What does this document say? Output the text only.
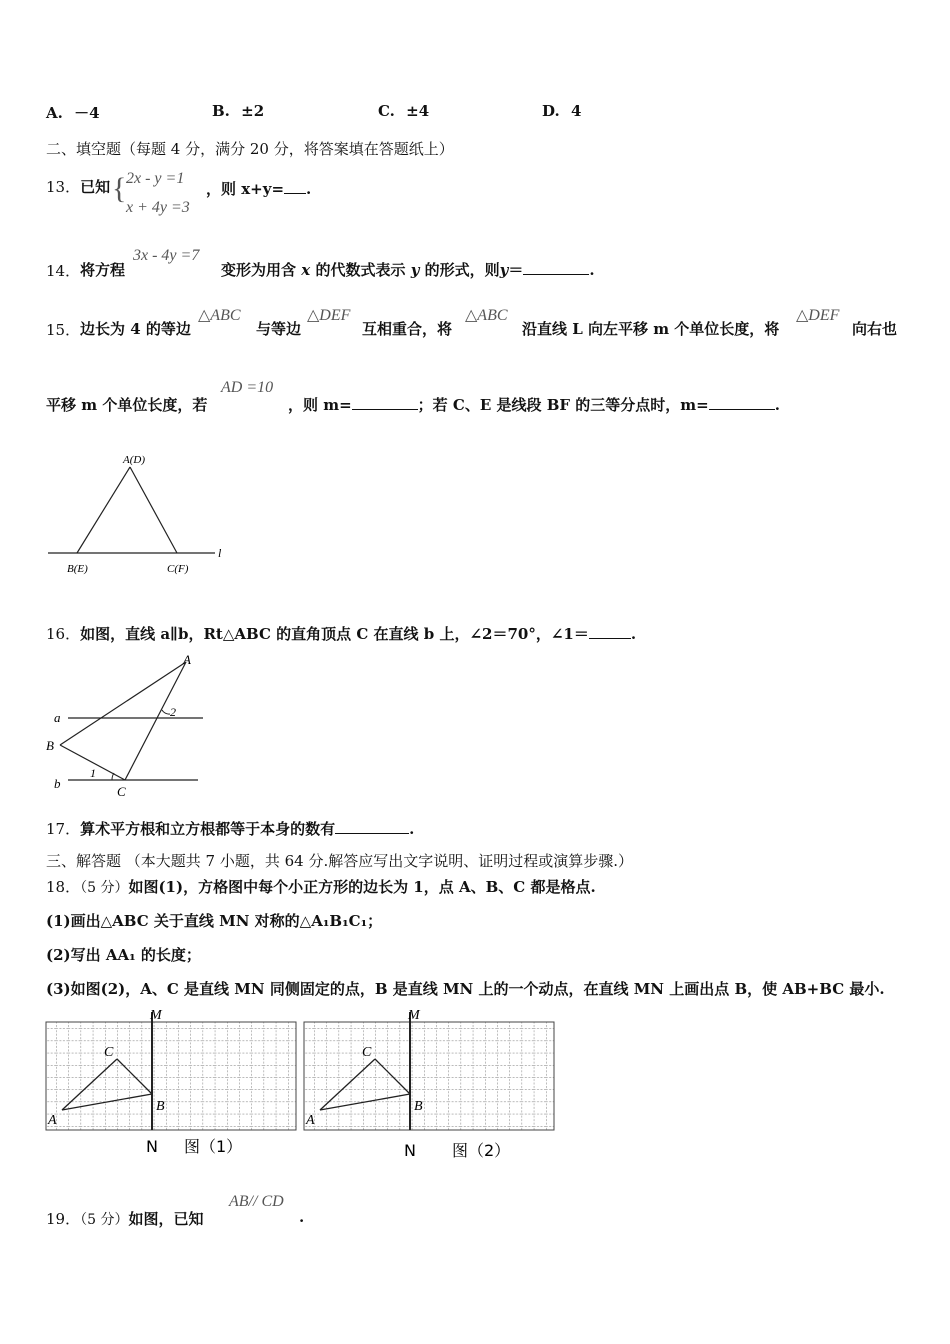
A. －4	B. ±2	C. ±4	D. 4
二、填空题（每题 4 分，满分 20 分，将答案填在答题纸上）
13．已知 { 2x - y =1
x + 4y =3
，则 x+y= .
14． 将方程
3x - 4y =7
变形为用含 x 的代数式表示 y 的形式，则y＝	.
15． 边长为 4 的等边
△ABC
与等边
△DEF
互相重合，将
△ABC
沿直线 L 向左平移 m 个单位长度，将
△DEF
向右也
平移 m 个单位长度，若
AD =10
，则 m=	；若 C、E 是线段 BF 的三等分点时，m=	.
A(D)
B(E)	C(F)
l
16．如图，直线 a∥b，Rt△ABC 的直角顶点 C 在直线 b 上，∠2＝70°，∠1＝	.
a
b
A
B
C
1
2
17．算术平方根和立方根都等于本身的数有	.
三、解答题 （本大题共 7 小题，共 64 分.解答应写出文字说明、证明过程或演算步骤.）
18．（5 分）如图(1)，方格图中每个小正方形的边长为 1，点 A、B、C 都是格点.
(1)画出△ABC 关于直线 MN 对称的△A₁B₁C₁；
(2)写出 AA₁ 的长度；
(3)如图(2)，A、C 是直线 MN 同侧固定的点，B 是直线 MN 上的一个动点，在直线 MN 上画出点 B，使 AB+BC 最小.
M
C
B
A
N 图（1）
M
C
B
A
N 图（2）
19．（5 分）如图，已知
AB// CD
.
